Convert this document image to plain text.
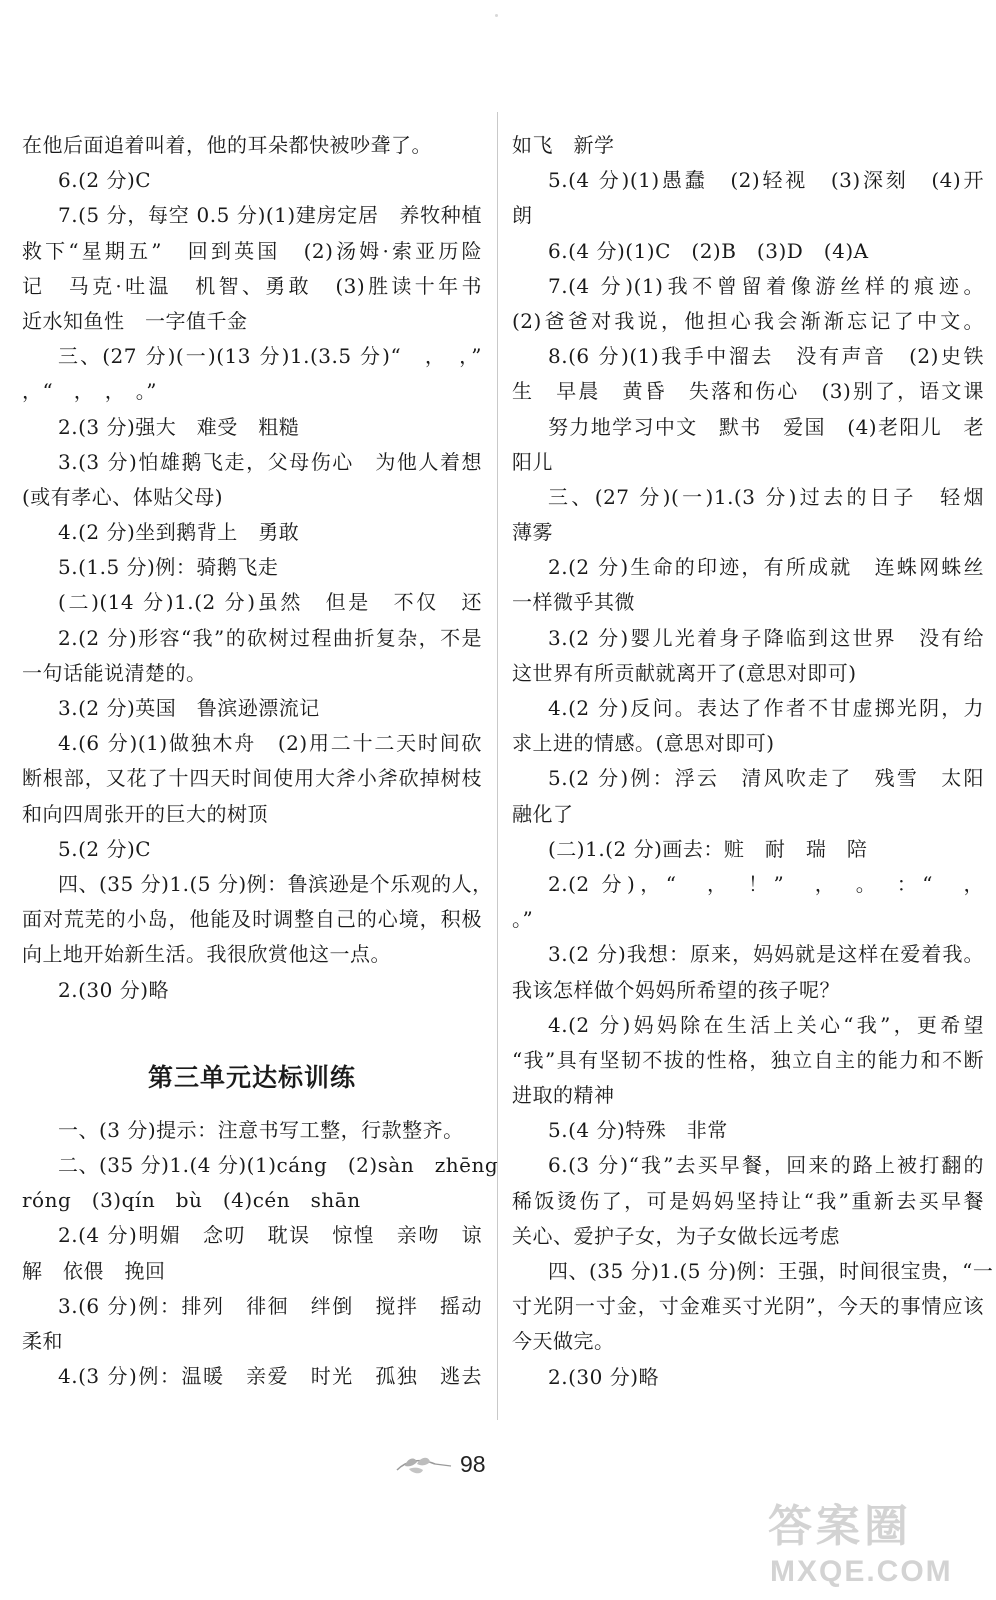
在他后面追着叫着，他的耳朵都快被吵聋了。
6.(2 分)C
7.(5 分，每空 0.5 分)(1)建房定居　养牧种植
救下“星期五”　回到英国　(2)汤姆·索亚历险
记　马克·吐温　机智、勇敢　(3)胜读十年书
近水知鱼性　一字值千金
三、(27 分)(一)(13 分)1.(3.5 分)“　，　，”
，“　，　，　。”
2.(3 分)强大　难受　粗糙
3.(3 分)怕雄鹅飞走，父母伤心　为他人着想
(或有孝心、体贴父母)
4.(2 分)坐到鹅背上　勇敢
5.(1.5 分)例：骑鹅飞走
(二)(14 分)1.(2 分)虽然　但是　不仅　还
2.(2 分)形容“我”的砍树过程曲折复杂，不是
一句话能说清楚的。
3.(2 分)英国　鲁滨逊漂流记
4.(6 分)(1)做独木舟　(2)用二十二天时间砍
断根部，又花了十四天时间使用大斧小斧砍掉树枝
和向四周张开的巨大的树顶
5.(2 分)C
四、(35 分)1.(5 分)例：鲁滨逊是个乐观的人，
面对荒芜的小岛，他能及时调整自己的心境，积极
向上地开始新生活。我很欣赏他这一点。
2.(30 分)略
第三单元达标训练
一、(3 分)提示：注意书写工整，行款整齐。
二、(35 分)1.(4 分)(1)cáng　(2)sàn　zhēng
róng　(3)qín　bù　(4)cén　shān
2.(4 分)明媚　念叨　耽误　惊惶　亲吻　谅
解　依偎　挽回
3.(6 分)例：排列　徘徊　绊倒　搅拌　摇动
柔和
4.(3 分)例：温暖　亲爱　时光　孤独　逃去
如飞　新学
5.(4 分)(1)愚蠢　(2)轻视　(3)深刻　(4)开
朗
6.(4 分)(1)C　(2)B　(3)D　(4)A
7.(4 分)(1)我不曾留着像游丝样的痕迹。
(2)爸爸对我说，他担心我会渐渐忘记了中文。
8.(6 分)(1)我手中溜去　没有声音　(2)史铁
生　早晨　黄昏　失落和伤心　(3)别了，语文课
努力地学习中文　默书　爱国　(4)老阳儿　老
阳儿
三、(27 分)(一)1.(3 分)过去的日子　轻烟
薄雾
2.(2 分)生命的印迹，有所成就　连蛛网蛛丝
一样微乎其微
3.(2 分)婴儿光着身子降临到这世界　没有给
这世界有所贡献就离开了(意思对即可)
4.(2 分)反问。表达了作者不甘虚掷光阴，力
求上进的情感。(意思对即可)
5.(2 分)例：浮云　清风吹走了　残雪　太阳
融化了
(二)1.(2 分)画去：赃　耐　瑞　陪
2.(2 分)，“　，　！”　，　。　：“　，
。”
3.(2 分)我想：原来，妈妈就是这样在爱着我。
我该怎样做个妈妈所希望的孩子呢？
4.(2 分)妈妈除在生活上关心“我”，更希望
“我”具有坚韧不拔的性格，独立自主的能力和不断
进取的精神
5.(4 分)特殊　非常
6.(3 分)“我”去买早餐，回来的路上被打翻的
稀饭烫伤了，可是妈妈坚持让“我”重新去买早餐
关心、爱护子女，为子女做长远考虑
四、(35 分)1.(5 分)例：王强，时间很宝贵，“一
寸光阴一寸金，寸金难买寸光阴”，今天的事情应该
今天做完。
2.(30 分)略
98
答案圈
MXQE.COM
